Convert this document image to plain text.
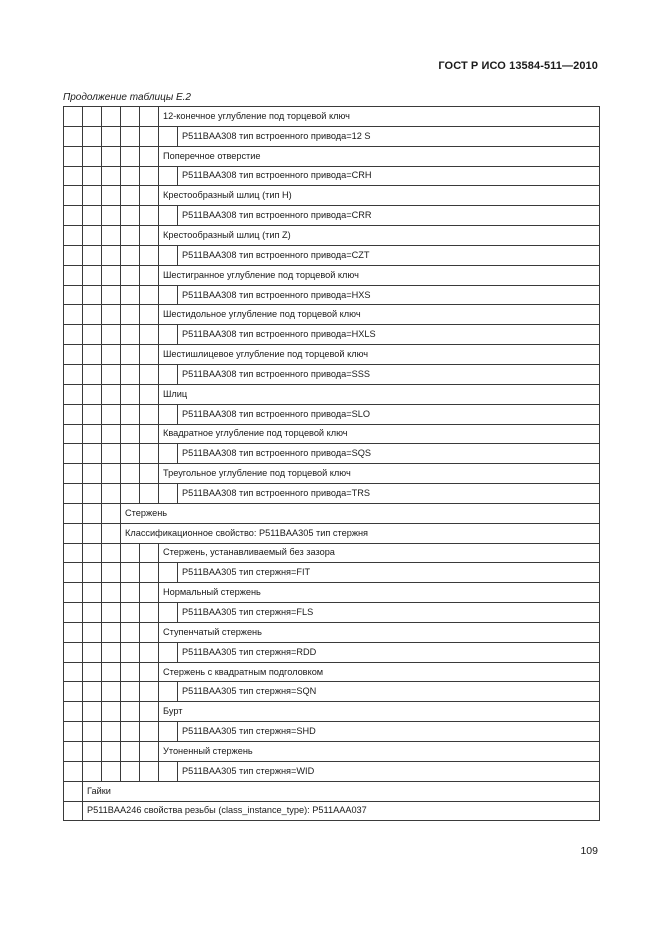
ГОСТ Р ИСО 13584-511—2010
Продолжение таблицы Е.2
					12-конечное углубление под торцевой ключ	
						P511BAA308 тип встроенного привода=12 S
					Поперечное отверстие	
						P511BAA308 тип встроенного привода=CRH
					Крестообразный шлиц (тип H)	
						P511BAA308 тип встроенного привода=CRR
					Крестообразный шлиц (тип Z)	
						P511BAA308 тип встроенного привода=CZT
					Шестигранное углубление под торцевой ключ	
						P511BAA308 тип встроенного привода=HXS
					Шестидольное углубление под торцевой ключ	
						P511BAA308 тип встроенного привода=HXLS
					Шестишлицевое углубление под торцевой ключ	
						P511BAA308 тип встроенного привода=SSS
					Шлиц	
						P511BAA308 тип встроенного привода=SLO
					Квадратное углубление под торцевой ключ	
						P511BAA308 тип встроенного привода=SQS
					Треугольное углубление под торцевой ключ	
						P511BAA308 тип встроенного привода=TRS
			Стержень			
			Классификационное свойство: P511BAA305 тип стержня			
					Стержень, устанавливаемый без зазора	
						P511BAA305 тип стержня=FIT
					Нормальный стержень	
						P511BAA305 тип стержня=FLS
					Ступенчатый стержень	
						P511BAA305 тип стержня=RDD
					Стержень с квадратным подголовком	
						P511BAA305 тип стержня=SQN
					Бурт	
						P511BAA305 тип стержня=SHD
					Утоненный стержень	
						P511BAA305 тип стержня=WID
	Гайки					
	P511BAA246 свойства резьбы (class_instance_type): P511AAA037					
109
